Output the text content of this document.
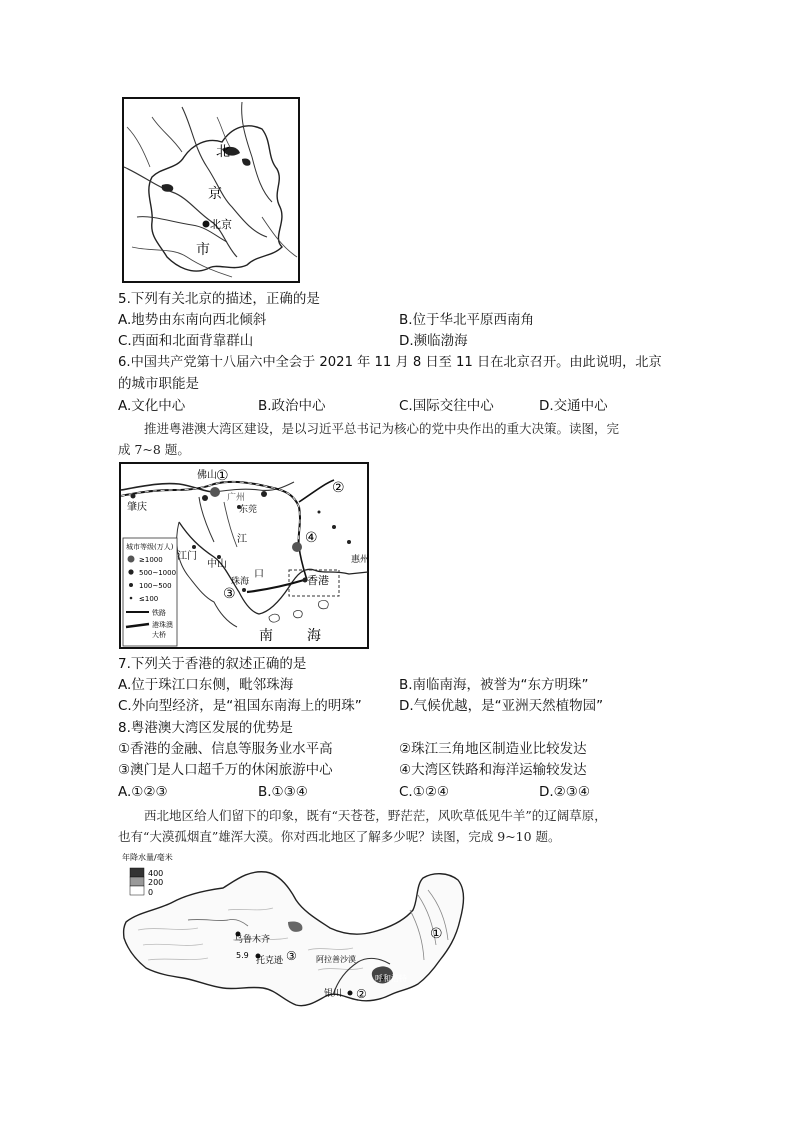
北
京
市
北京
5.下列有关北京的描述，正确的是
A.地势由东南向西北倾斜	B.位于华北平原西南角
C.西面和北面背靠群山	D.濒临渤海
6.中国共产党第十八届六中全会于 2021 年 11 月 8 日至 11 日在北京召开。由此说明，北京
的城市职能是
A.文化中心	B.政治中心	C.国际交往中心	D.交通中心
推进粤港澳大湾区建设，是以习近平总书记为核心的党中央作出的重大决策。读图，完
成 7~8 题。
佛山
肇庆
广州
东莞
江门
中山
珠海	香港
惠州
江
口
南 海
①
②
③
④
城市等级(万人)
≥1000
500~1000
100~500
≤100
铁路
港珠澳
大桥
7.下列关于香港的叙述正确的是
A.位于珠江口东侧，毗邻珠海	B.南临南海，被誉为“东方明珠”
C.外向型经济，是“祖国东南海上的明珠”	D.气候优越，是“亚洲天然植物园”
8.粤港澳大湾区发展的优势是
①香港的金融、信息等服务业水平高	②珠江三角地区制造业比较发达
③澳门是人口超千万的休闲旅游中心	④大湾区铁路和海洋运输较发达
A.①②③	B.①③④	C.①②④	D.②③④
西北地区给人们留下的印象，既有“天苍苍，野茫茫，风吹草低见牛羊”的辽阔草原，
也有“大漠孤烟直”雄浑大漠。你对西北地区了解多少呢？读图，完成 9~10 题。
乌鲁木齐
托克逊
5.9	阿拉善沙漠
银川
呼和浩特
①
②
③
年降水量/毫米
400
200
0
